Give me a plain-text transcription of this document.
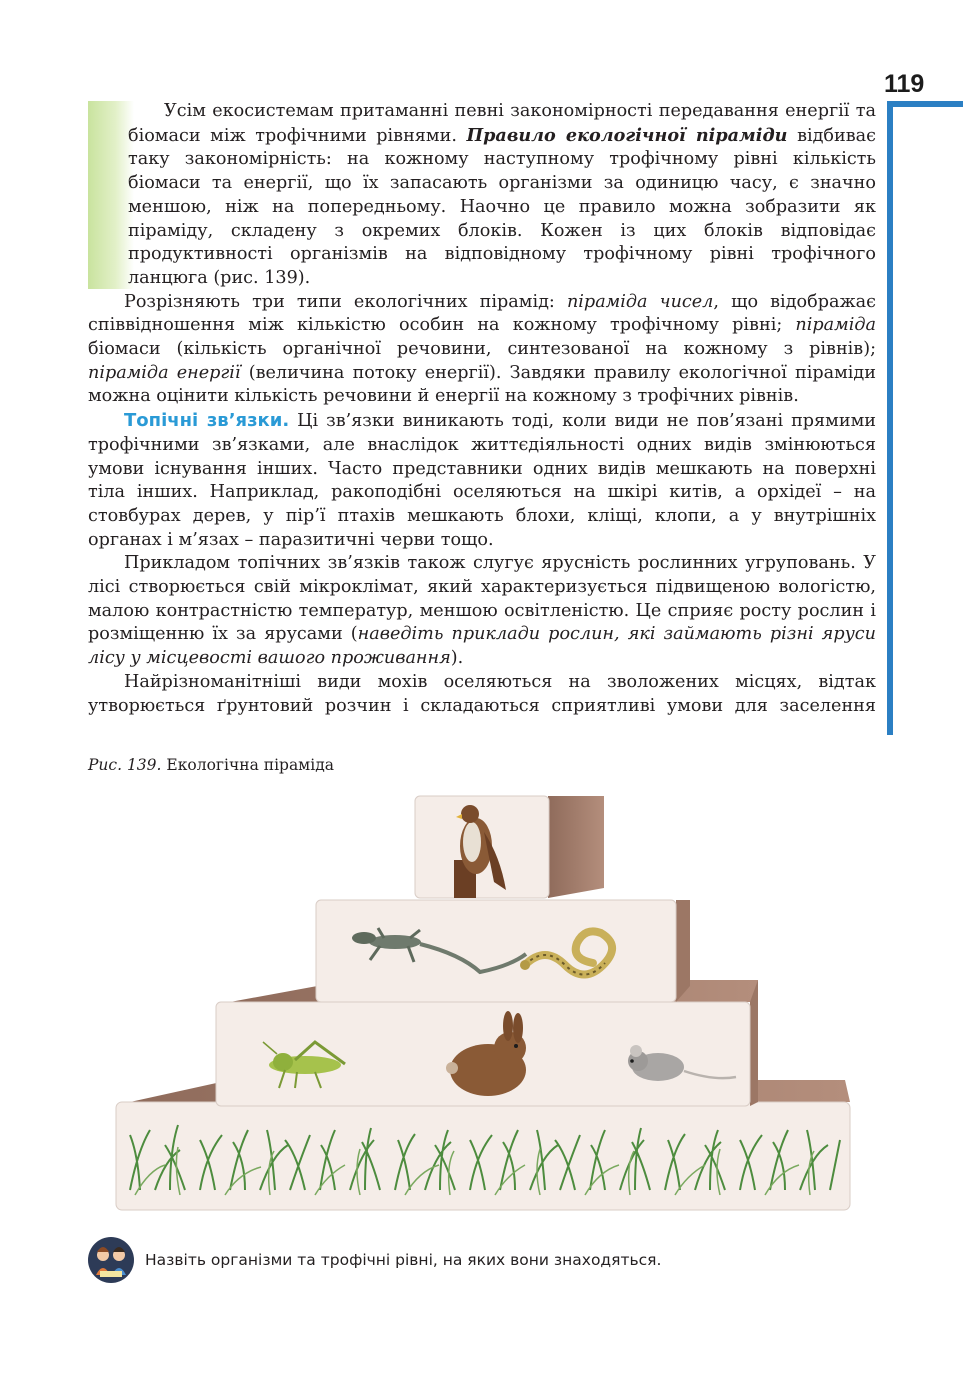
119

Усім екосистемам притаманні певні закономірності передавання енергії та біомаси між трофічними рівнями. Правило екологічної піраміди відбиває таку закономірність: на кожному наступному трофічному рівні кількість біомаси та енергії, що їх запасають організми за одиницю часу, є значно меншою, ніж на попередньому. Наочно це правило можна зобразити як піраміду, складену з окремих блоків. Кожен із цих блоків відповідає продуктивності організмів на відповідному трофічному рівні трофічного ланцюга (рис. 139).

Розрізняють три типи екологічних пірамід: піраміда чисел, що відображає співвідношення між кількістю особин на кожному трофічному рівні; піраміда біомаси (кількість органічної речовини, синтезованої на кожному з рівнів); піраміда енергії (величина потоку енергії). Завдяки правилу екологічної піраміди можна оцінити кількість речовини й енергії на кожному з трофічних рівнів.

Топічні зв’язки. Ці зв’язки виникають тоді, коли види не пов’язані прямими трофічними зв’язками, але внаслідок життєдіяльності одних видів змінюються умови існування інших. Часто представники одних видів мешкають на поверхні тіла інших. Наприклад, ракоподібні оселяються на шкірі китів, а орхідеї – на стовбурах дерев, у пір’ї птахів мешкають блохи, кліщі, клопи, а у внутрішніх органах і м’язах – паразитичні черви тощо.

Прикладом топічних зв’язків також слугує ярусність рослинних угруповань. У лісі створюється свій мікроклімат, який характеризується підвищеною вологістю, малою контрастністю температур, меншою освітленістю. Це сприяє росту рослин і розміщенню їх за ярусами (наведіть приклади рослин, які займають різні яруси лісу у місцевості вашого проживання).

Найрізноманітніші види мохів оселяються на зволожених місцях, відтак утворюється ґрунтовий розчин і складаються сприятливі умови для заселення

Рис. 139. Екологічна піраміда
Назвіть організми та трофічні рівні, на яких вони знаходяться.
